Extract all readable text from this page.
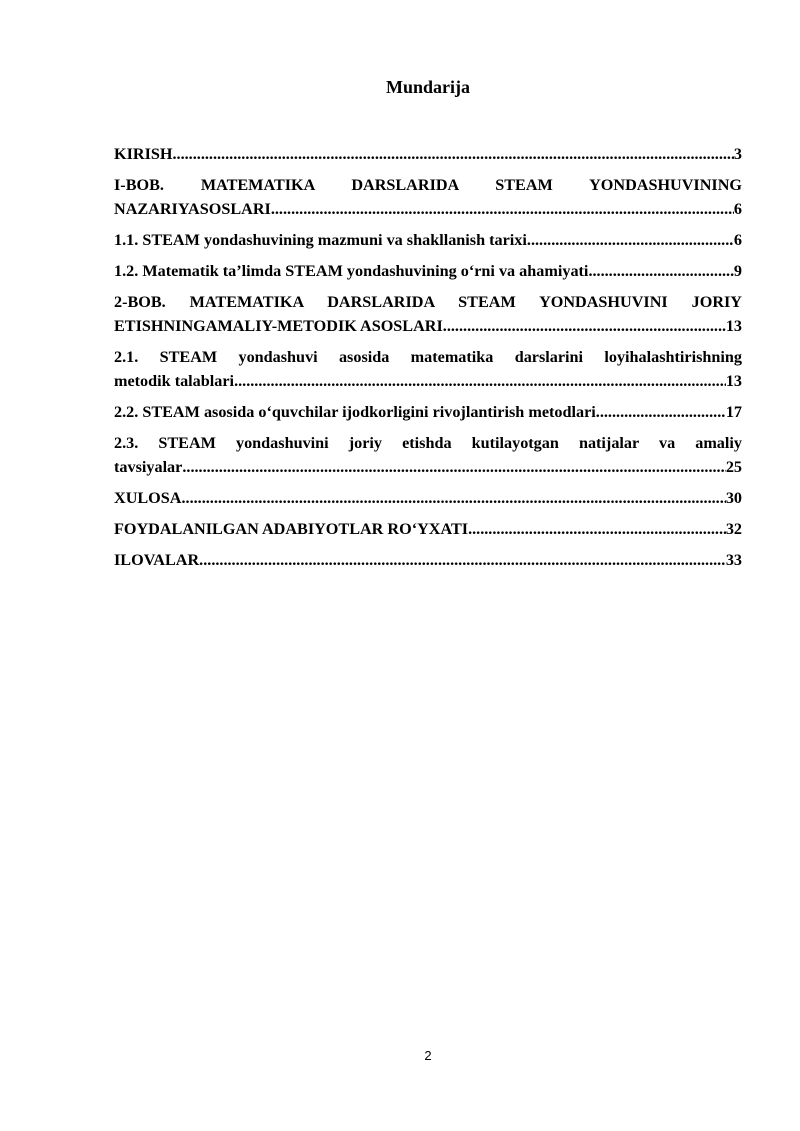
Mundarija
KIRISH .....	3
I-BOB. MATEMATIKA DARSLARIDA STEAM YONDASHUVINING
NAZARIYASOSLARI .....	6
1.1. STEAM yondashuvining mazmuni va shakllanish tarixi .....	6
1.2. Matematik ta’limda STEAM yondashuvining o‘rni va ahamiyati .....	9
2-BOB. MATEMATIKA DARSLARIDA STEAM YONDASHUVINI JORIY
ETISHNINGAMALIY-METODIK ASOSLARI .....	13
2.1. STEAM yondashuvi asosida matematika darslarini loyihalashtirishning
metodik talablari .....	13
2.2. STEAM asosida o‘quvchilar ijodkorligini rivojlantirish metodlari .....	17
2.3. STEAM yondashuvini joriy etishda kutilayotgan natijalar va amaliy
tavsiyalar .....	25
XULOSA .....	30
FOYDALANILGAN ADABIYOTLAR RO‘YXATI .....	32
ILOVALAR .....	33
2
